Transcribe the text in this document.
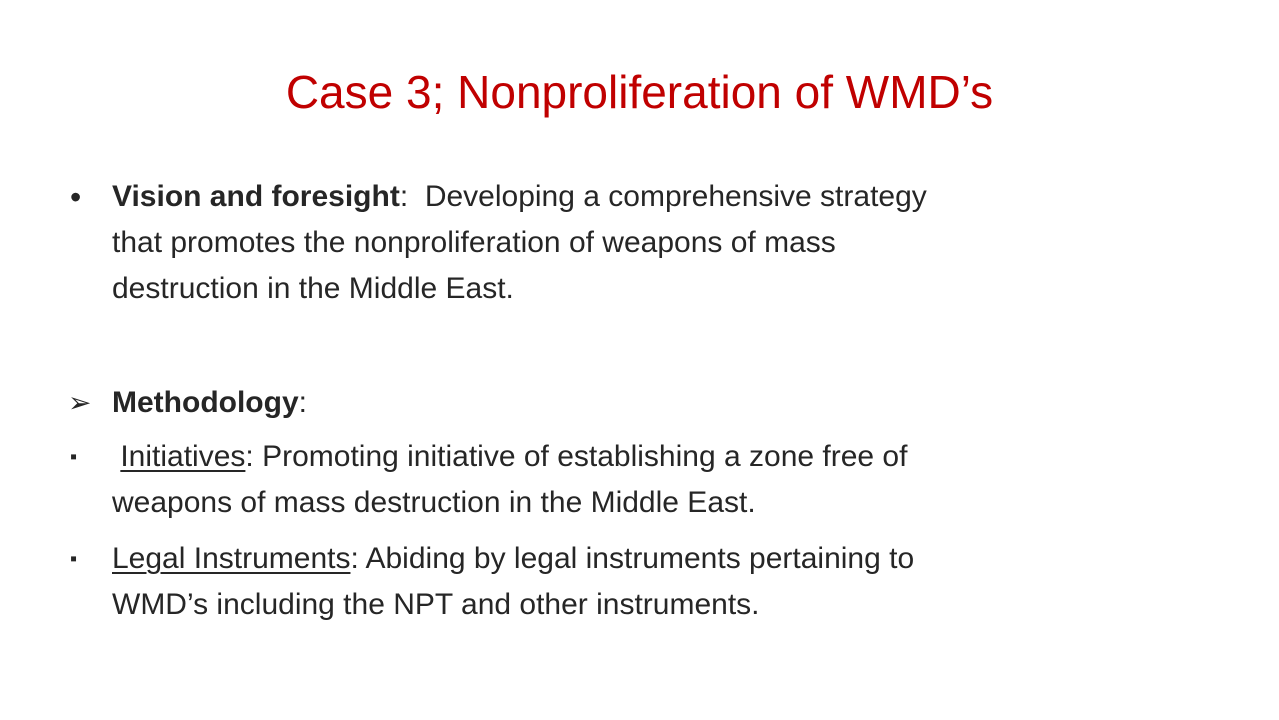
Case 3; Nonproliferation of WMD’s
•	Vision and foresight:  Developing a comprehensive strategy
that promotes the nonproliferation of weapons of mass
destruction in the Middle East.
➢ Methodology:
▪	Initiatives: Promoting initiative of establishing a zone free of
weapons of mass destruction in the Middle East.
▪	Legal Instruments: Abiding by legal instruments pertaining to
WMD’s including the NPT and other instruments.
